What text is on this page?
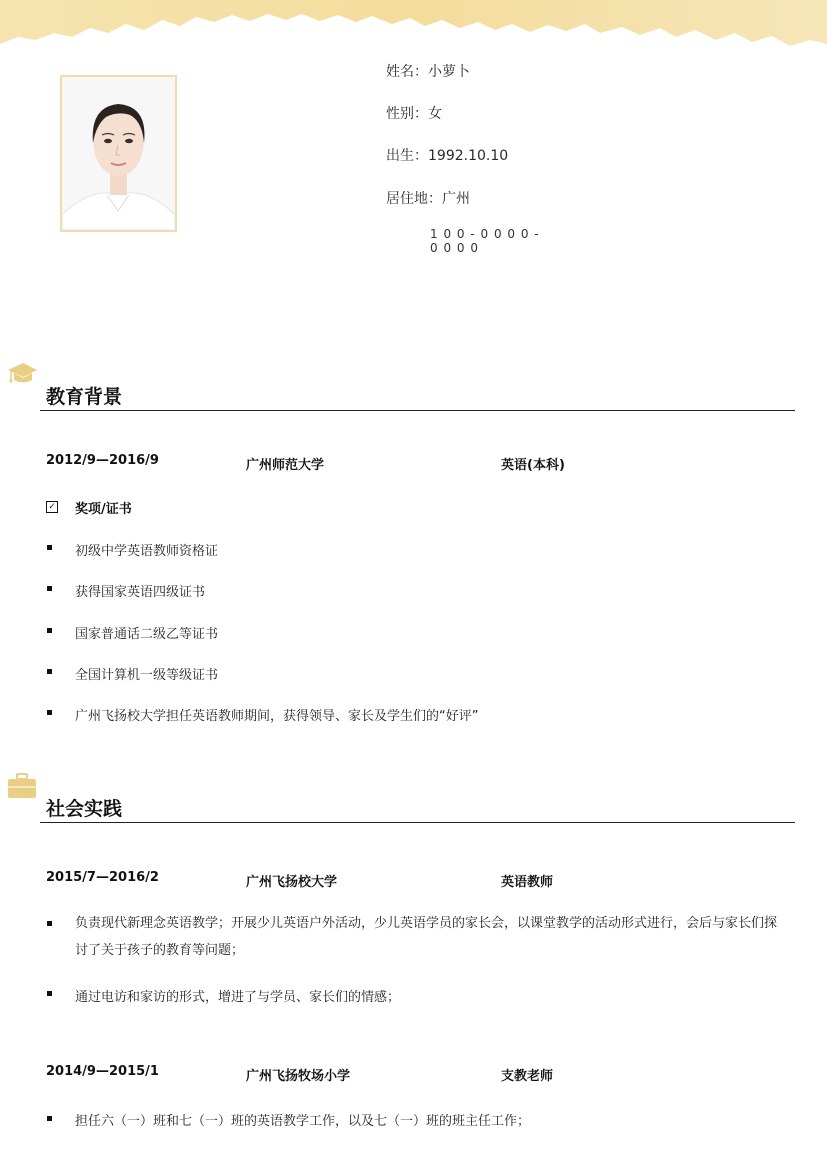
姓名：小萝卜
性别：女
出生：1992.10.10
居住地：广州
1 0 0 - 0 0 0 0 - 0 0 0 0
教育背景
2012/9—2016/9	广州师范大学	英语(本科)
✓ 奖项/证书
初级中学英语教师资格证
获得国家英语四级证书
国家普通话二级乙等证书
全国计算机一级等级证书
广州飞扬校大学担任英语教师期间，获得领导、家长及学生们的“好评”
社会实践
2015/7—2016/2	广州飞扬校大学	英语教师
负责现代新理念英语教学；开展少儿英语户外活动，少儿英语学员的家长会，以课堂教学的活动形式进行，会后与家长们探讨了关于孩子的教育等问题；
通过电访和家访的形式，增进了与学员、家长们的情感；
2014/9—2015/1	广州飞扬牧场小学	支教老师
担任六（一）班和七（一）班的英语教学工作，以及七（一）班的班主任工作；
